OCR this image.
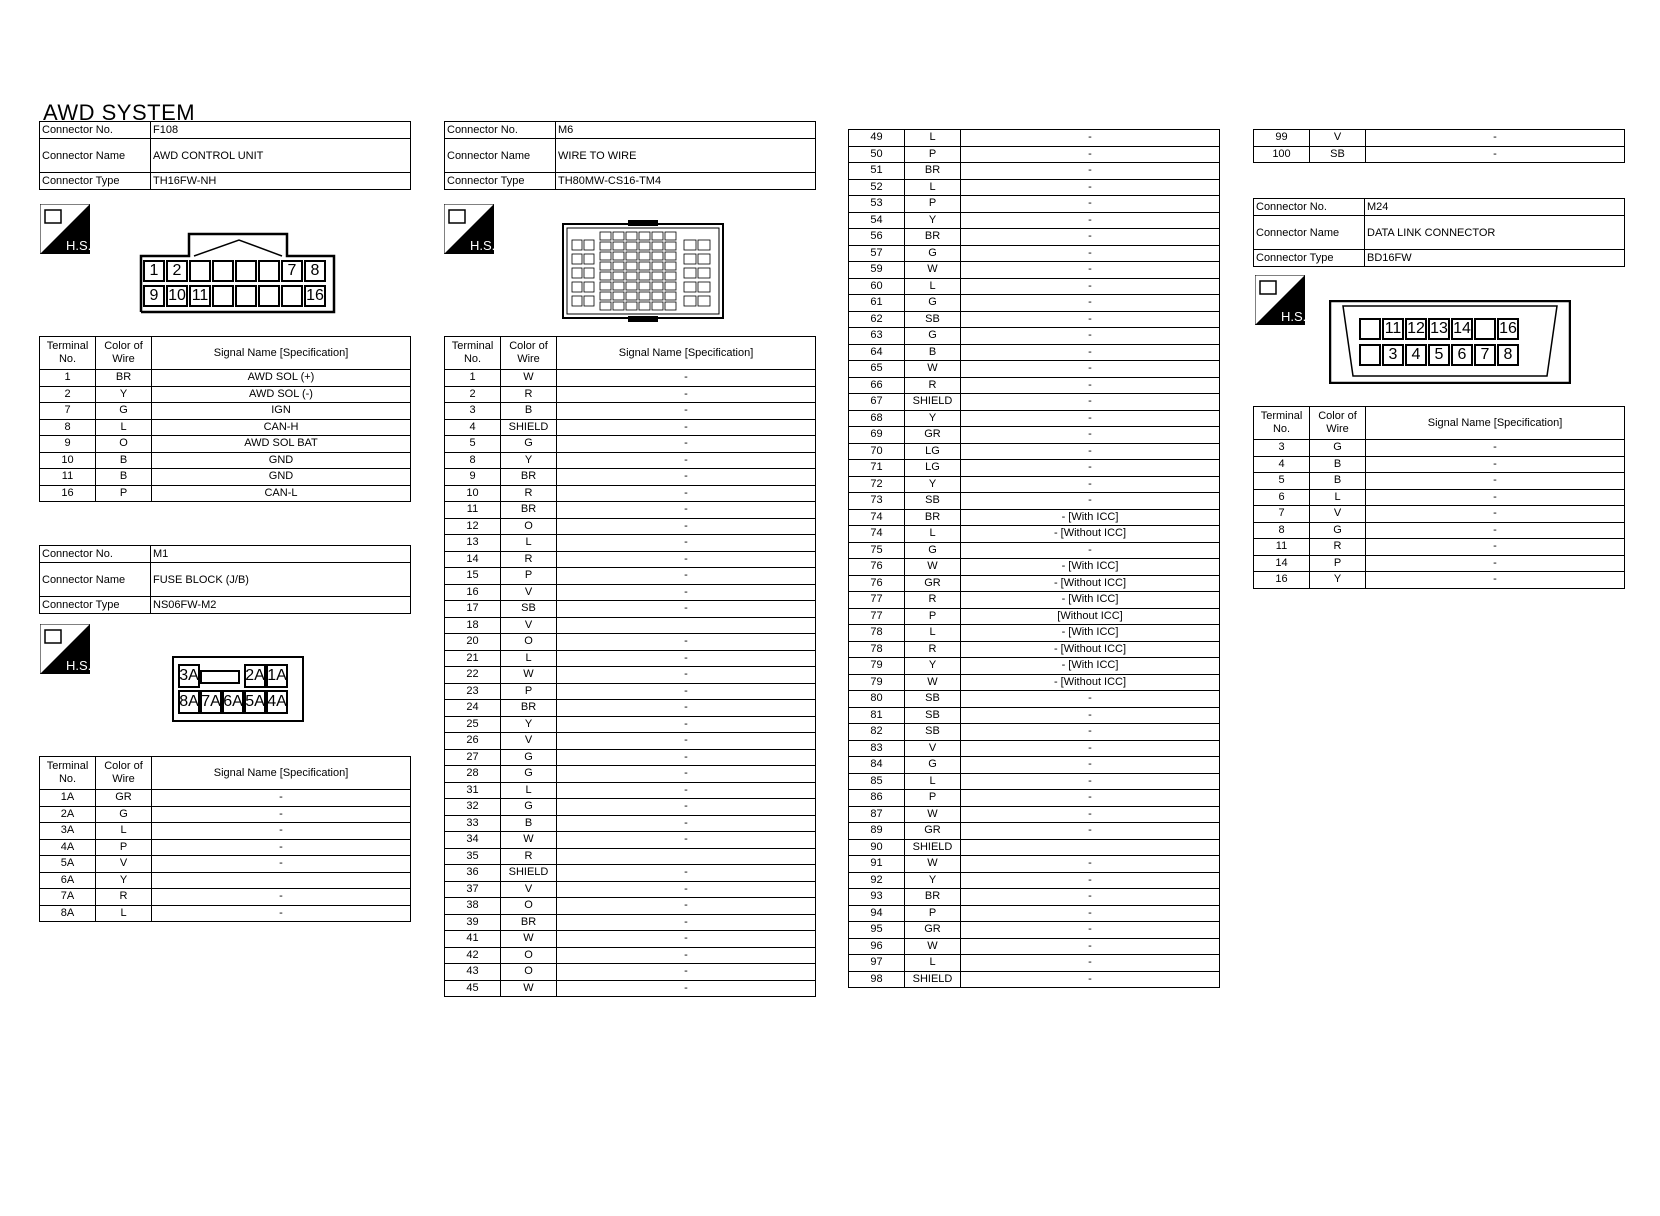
AWD SYSTEM
Connector No.	F108
Connector Name	AWD CONTROL UNIT
Connector Type	TH16FW-NH
H.S.
1 2	7 8
9 10 11	16
Terminal No.	Color of Wire	Signal Name [Specification]
1	BR	AWD SOL (+)
2	Y	AWD SOL (-)
7	G	IGN
8	L	CAN-H
9	O	AWD SOL BAT
10	B	GND
11	B	GND
16	P	CAN-L
Connector No.	M1
Connector Name	FUSE BLOCK (J/B)
Connector Type	NS06FW-M2
H.S.
3A	2A 1A
8A 7A 6A 5A 4A
Terminal No.	Color of Wire	Signal Name [Specification]
1A	GR	-
2A	G	-
3A	L	-
4A	P	-
5A	V	-
6A	Y	
7A	R	-
8A	L	-
Connector No.	M6
Connector Name	WIRE TO WIRE
Connector Type	TH80MW-CS16-TM4
H.S.
Terminal No.	Color of Wire	Signal Name [Specification]
1	W	-
2	R	-
3	B	-
4	SHIELD	-
5	G	-
8	Y	-
9	BR	-
10	R	-
11	BR	-
12	O	-
13	L	-
14	R	-
15	P	-
16	V	-
17	SB	-
18	V	
20	O	-
21	L	-
22	W	-
23	P	-
24	BR	-
25	Y	-
26	V	-
27	G	-
28	G	-
31	L	-
32	G	-
33	B	-
34	W	-
35	R	
36	SHIELD	-
37	V	-
38	O	-
39	BR	-
41	W	-
42	O	-
43	O	-
45	W	-
49	L	-
50	P	-
51	BR	-
52	L	-
53	P	-
54	Y	-
56	BR	-
57	G	-
59	W	-
60	L	-
61	G	-
62	SB	-
63	G	-
64	B	-
65	W	-
66	R	-
67	SHIELD	-
68	Y	-
69	GR	-
70	LG	-
71	LG	-
72	Y	-
73	SB	-
74	BR	- [With ICC]
74	L	- [Without ICC]
75	G	-
76	W	- [With ICC]
76	GR	- [Without ICC]
77	R	- [With ICC]
77	P	[Without ICC]
78	L	- [With ICC]
78	R	- [Without ICC]
79	Y	- [With ICC]
79	W	- [Without ICC]
80	SB	-
81	SB	-
82	SB	-
83	V	-
84	G	-
85	L	-
86	P	-
87	W	-
89	GR	-
90	SHIELD	
91	W	-
92	Y	-
93	BR	-
94	P	-
95	GR	-
96	W	-
97	L	-
98	SHIELD	-
99	V	-
100	SB	-
Connector No.	M24
Connector Name	DATA LINK CONNECTOR
Connector Type	BD16FW
H.S.
11 12 13 14 16
3 4 5 6 7 8
Terminal No.	Color of Wire	Signal Name [Specification]
3	G	-
4	B	-
5	B	-
6	L	-
7	V	-
8	G	-
11	R	-
14	P	-
16	Y	-
